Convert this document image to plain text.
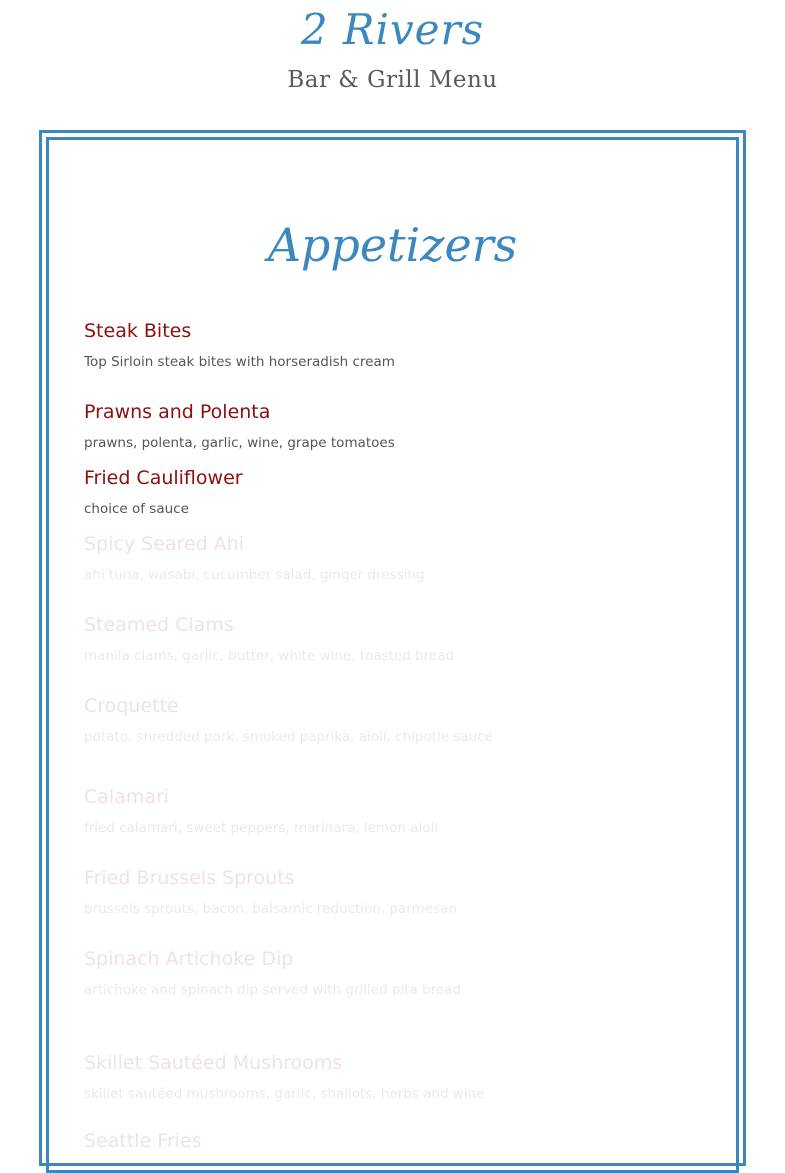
2 Rivers
Bar & Grill Menu
Appetizers
Steak Bites
Top Sirloin steak bites with horseradish cream
Prawns and Polenta
prawns, polenta, garlic, wine, grape tomatoes
Fried Cauliflower
choice of sauce
Spicy Seared Ahi
ahi tuna, wasabi, cucumber salad, ginger dressing
Steamed Clams
manila clams, garlic, butter, white wine, toasted bread
Croquette
potato, shredded pork, smoked paprika, aioli, chipotle sauce
Calamari
fried calamari, sweet peppers, marinara, lemon aioli
Fried Brussels Sprouts
brussels sprouts, bacon, balsamic reduction, parmesan
Spinach Artichoke Dip
artichoke and spinach dip served with grilled pita bread
Skillet Sautéed Mushrooms
skillet sautéed mushrooms, garlic, shallots, herbs and wine
Seattle Fries
